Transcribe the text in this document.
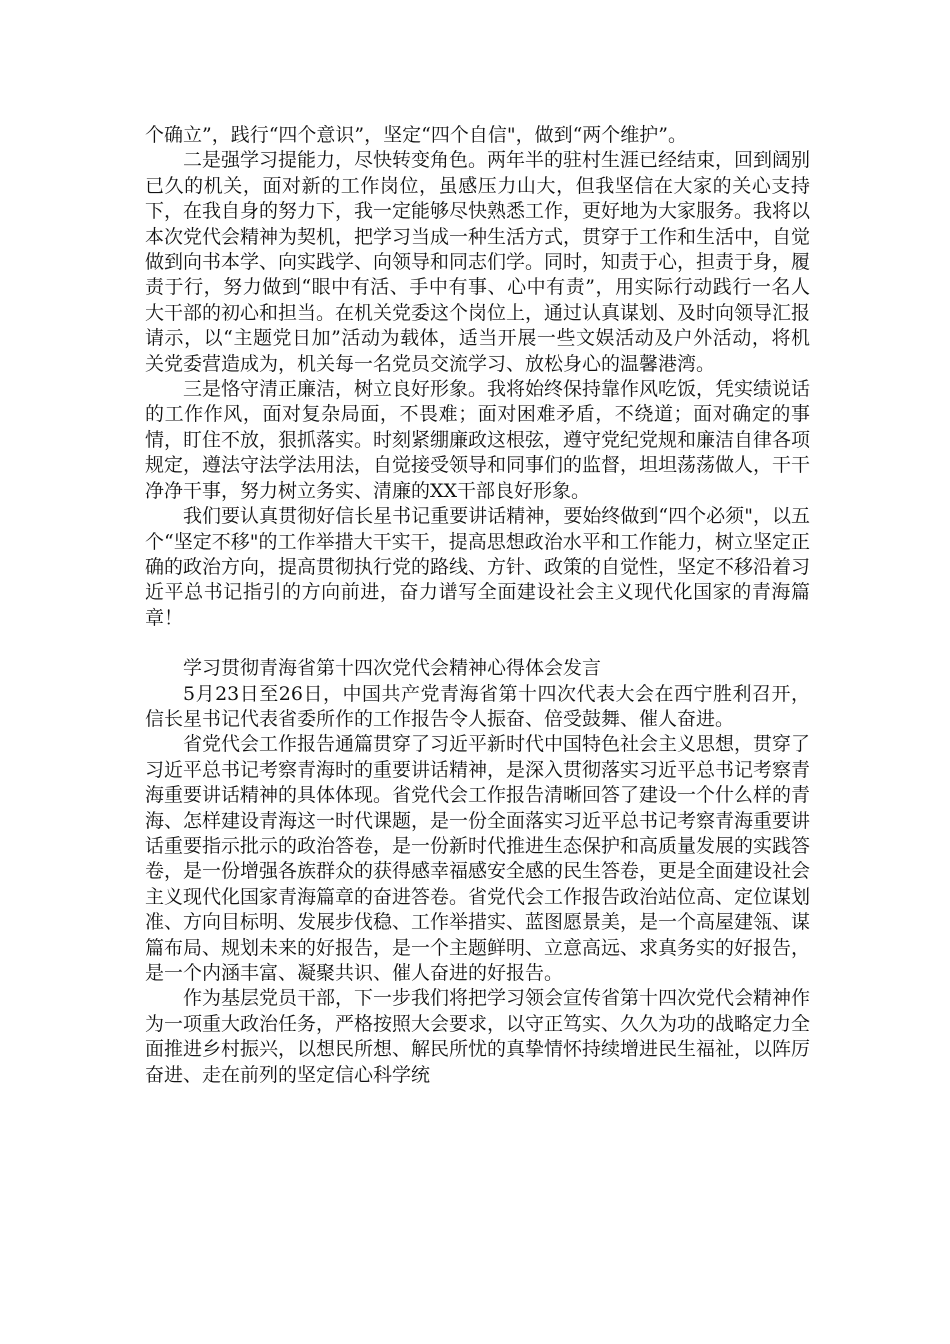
个确立”，践行“四个意识”，坚定“四个自信"，做到“两个维护”。

二是强学习提能力，尽快转变角色。两年半的驻村生涯已经结束，回到阔别已久的机关，面对新的工作岗位，虽感压力山大，但我坚信在大家的关心支持下，在我自身的努力下，我一定能够尽快熟悉工作，更好地为大家服务。我将以本次党代会精神为契机，把学习当成一种生活方式，贯穿于工作和生活中，自觉做到向书本学、向实践学、向领导和同志们学。同时，知责于心，担责于身，履责于行，努力做到“眼中有活、手中有事、心中有责”，用实际行动践行一名人大干部的初心和担当。在机关党委这个岗位上，通过认真谋划、及时向领导汇报请示，以“主题党日加”活动为载体，适当开展一些文娱活动及户外活动，将机关党委营造成为，机关每一名党员交流学习、放松身心的温馨港湾。

三是恪守清正廉洁，树立良好形象。我将始终保持靠作风吃饭，凭实绩说话的工作作风，面对复杂局面，不畏难；面对困难矛盾，不绕道；面对确定的事情，盯住不放，狠抓落实。时刻紧绷廉政这根弦，遵守党纪党规和廉洁自律各项规定，遵法守法学法用法，自觉接受领导和同事们的监督，坦坦荡荡做人，干干净净干事，努力树立务实、清廉的XX干部良好形象。

我们要认真贯彻好信长星书记重要讲话精神，要始终做到“四个必须"，以五个“坚定不移"的工作举措大干实干，提高思想政治水平和工作能力，树立坚定正确的政治方向，提高贯彻执行党的路线、方针、政策的自觉性，坚定不移沿着习近平总书记指引的方向前进，奋力谱写全面建设社会主义现代化国家的青海篇章！

学习贯彻青海省第十四次党代会精神心得体会发言

5月23日至26日，中国共产党青海省第十四次代表大会在西宁胜利召开，信长星书记代表省委所作的工作报告令人振奋、倍受鼓舞、催人奋进。

省党代会工作报告通篇贯穿了习近平新时代中国特色社会主义思想，贯穿了习近平总书记考察青海时的重要讲话精神，是深入贯彻落实习近平总书记考察青海重要讲话精神的具体体现。省党代会工作报告清晰回答了建设一个什么样的青海、怎样建设青海这一时代课题，是一份全面落实习近平总书记考察青海重要讲话重要指示批示的政治答卷，是一份新时代推进生态保护和高质量发展的实践答卷，是一份增强各族群众的获得感幸福感安全感的民生答卷，更是全面建设社会主义现代化国家青海篇章的奋进答卷。省党代会工作报告政治站位高、定位谋划准、方向目标明、发展步伐稳、工作举措实、蓝图愿景美，是一个高屋建瓴、谋篇布局、规划未来的好报告，是一个主题鲜明、立意高远、求真务实的好报告，是一个内涵丰富、凝聚共识、催人奋进的好报告。

作为基层党员干部，下一步我们将把学习领会宣传省第十四次党代会精神作为一项重大政治任务，严格按照大会要求，以守正笃实、久久为功的战略定力全面推进乡村振兴，以想民所想、解民所忧的真挚情怀持续增进民生福祉，以阵厉奋进、走在前列的坚定信心科学统
